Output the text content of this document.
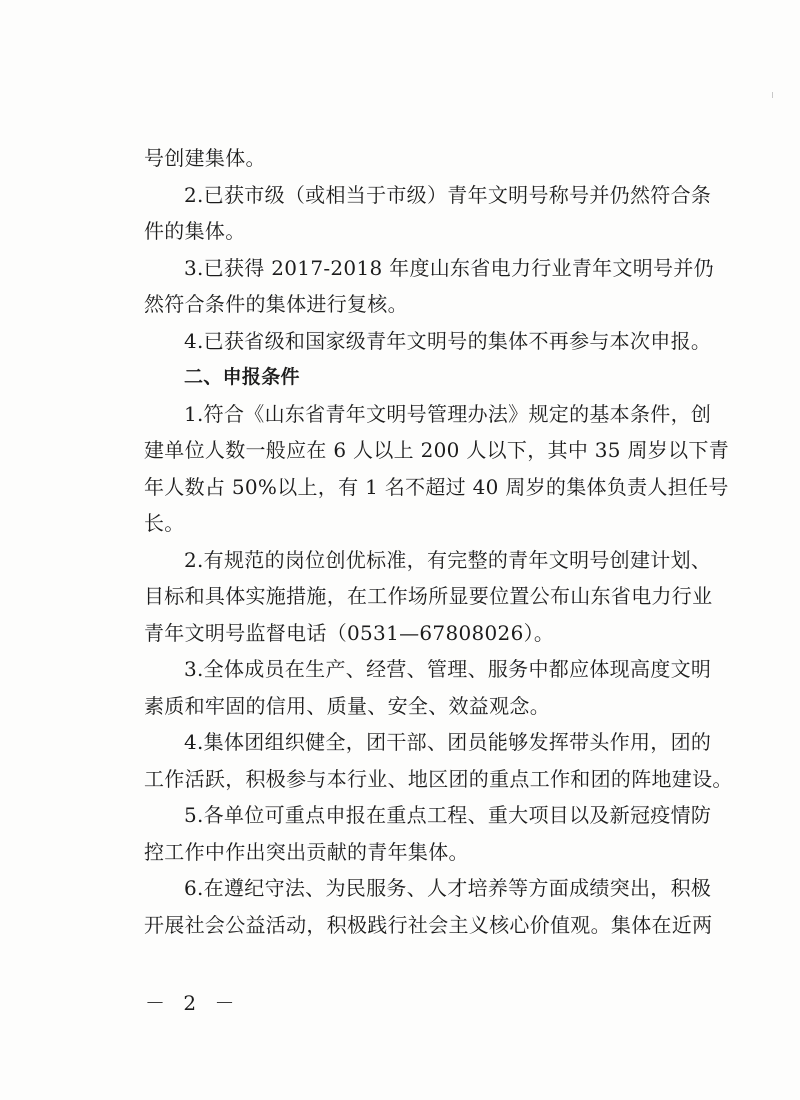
号创建集体。
2.已获市级（或相当于市级）青年文明号称号并仍然符合条
件的集体。
3.已获得 2017-2018 年度山东省电力行业青年文明号并仍
然符合条件的集体进行复核。
4.已获省级和国家级青年文明号的集体不再参与本次申报。
二、申报条件
1.符合《山东省青年文明号管理办法》规定的基本条件，创
建单位人数一般应在 6 人以上 200 人以下，其中 35 周岁以下青
年人数占 50%以上，有 1 名不超过 40 周岁的集体负责人担任号
长。
2.有规范的岗位创优标准，有完整的青年文明号创建计划、
目标和具体实施措施，在工作场所显要位置公布山东省电力行业
青年文明号监督电话（0531—67808026）。
3.全体成员在生产、经营、管理、服务中都应体现高度文明
素质和牢固的信用、质量、安全、效益观念。
4.集体团组织健全，团干部、团员能够发挥带头作用，团的
工作活跃，积极参与本行业、地区团的重点工作和团的阵地建设。
5.各单位可重点申报在重点工程、重大项目以及新冠疫情防
控工作中作出突出贡献的青年集体。
6.在遵纪守法、为民服务、人才培养等方面成绩突出，积极
开展社会公益活动，积极践行社会主义核心价值观。集体在近两
－ 2 －
